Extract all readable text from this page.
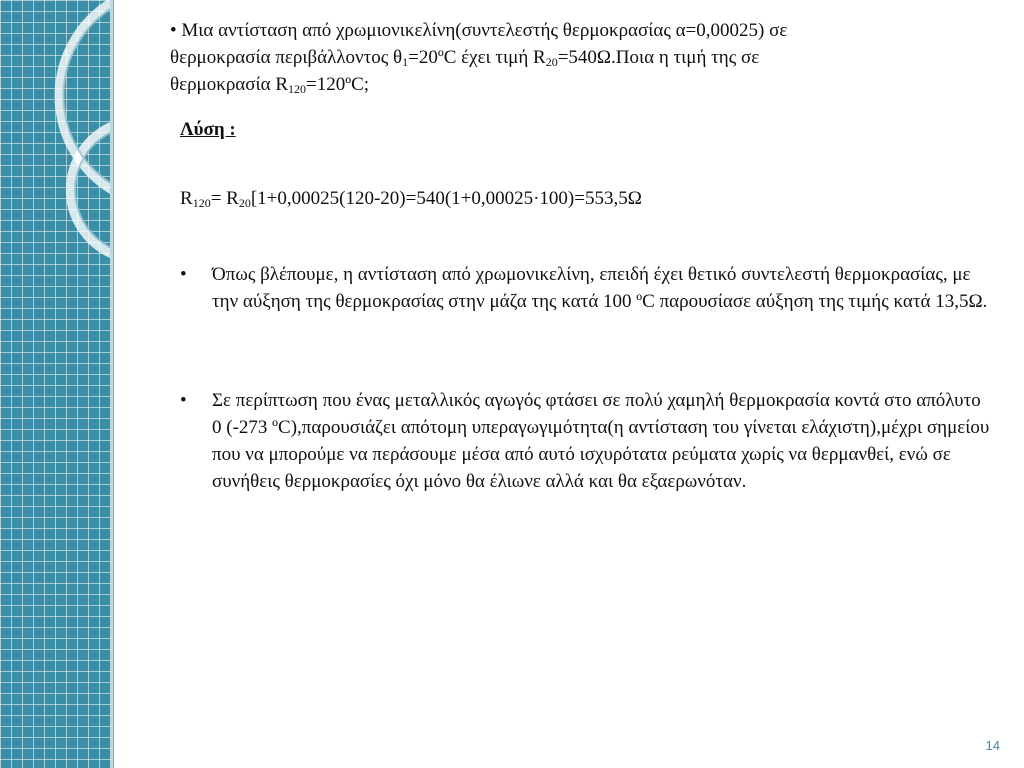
• Μια αντίσταση από χρωμιονικελίνη(συντελεστής θερμοκρασίας α=0,00025) σε
θερμοκρασία περιβάλλοντος $\theta_1=20ºC$ έχει τιμή $R_{20}=540\Omega.\Pi o\iota\alpha$ η τιμή της σε
θερμοκρασία $R_{120}=120ºC$;
Λύση :
$R_{120}= R_{20}[1+0,00025(120-20)=540(1+0,00025\cdot 100)=553,5\Omega$
•	Όπως βλέπουμε, η αντίσταση από χρωμονικελίνη, επειδή έχει θετικό συντελεστή θερμοκρασίας, με την αύξηση της θερμοκρασίας στην μάζα της κατά 100 ºC παρουσίασε αύξηση της τιμής κατά 13,5Ω.
•	Σε περίπτωση που ένας μεταλλικός αγωγός φτάσει σε πολύ χαμηλή θερμοκρασία κοντά στο απόλυτο 0 (-273 ºC),παρουσιάζει απότομη υπεραγωγιμότητα(η αντίσταση του γίνεται ελάχιστη),μέχρι σημείου που να μπορούμε να περάσουμε μέσα από αυτό ισχυρότατα ρεύματα χωρίς να θερμανθεί, ενώ σε συνήθεις θερμοκρασίες όχι μόνο θα έλιωνε αλλά και θα εξαερωνόταν.
14
